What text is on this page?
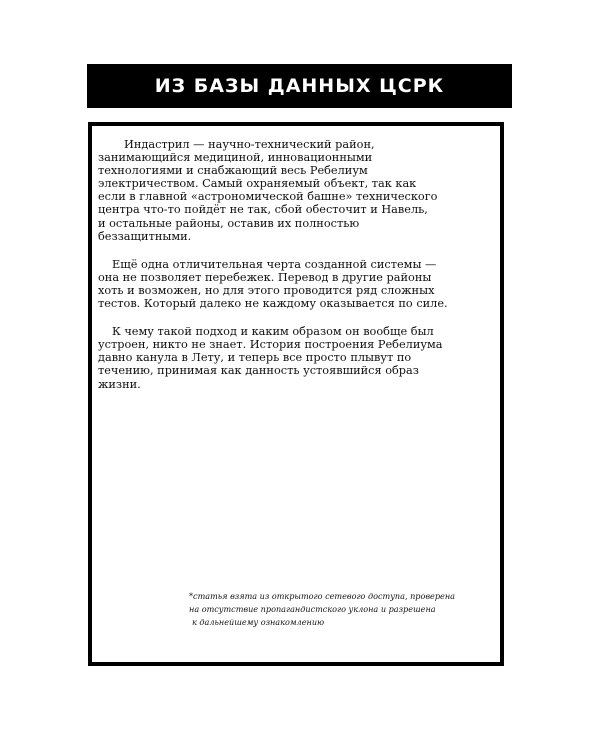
ИЗ БАЗЫ ДАННЫХ ЦСРК

Индастрил — научно-технический район,
занимающийся медициной, инновационными
технологиями и снабжающий весь Ребелиум
электричеством. Самый охраняемый объект, так как
если в главной «астрономической башне» технического
центра что-то пойдёт не так, сбой обесточит и Навель,
и остальные районы, оставив их полностью
беззащитными.

Ещё одна отличительная черта созданной системы —
она не позволяет перебежек. Перевод в другие районы
хоть и возможен, но для этого проводится ряд сложных
тестов. Который далеко не каждому оказывается по силе.

К чему такой подход и каким образом он вообще был
устроен, никто не знает. История построения Ребелиума
давно канула в Лету, и теперь все просто плывут по
течению, принимая как данность устоявшийся образ
жизни.

*статья взята из открытого сетевого доступа, проверена
на отсутствие пропагандистского уклона и разрешена
к дальнейшему ознакомлению
